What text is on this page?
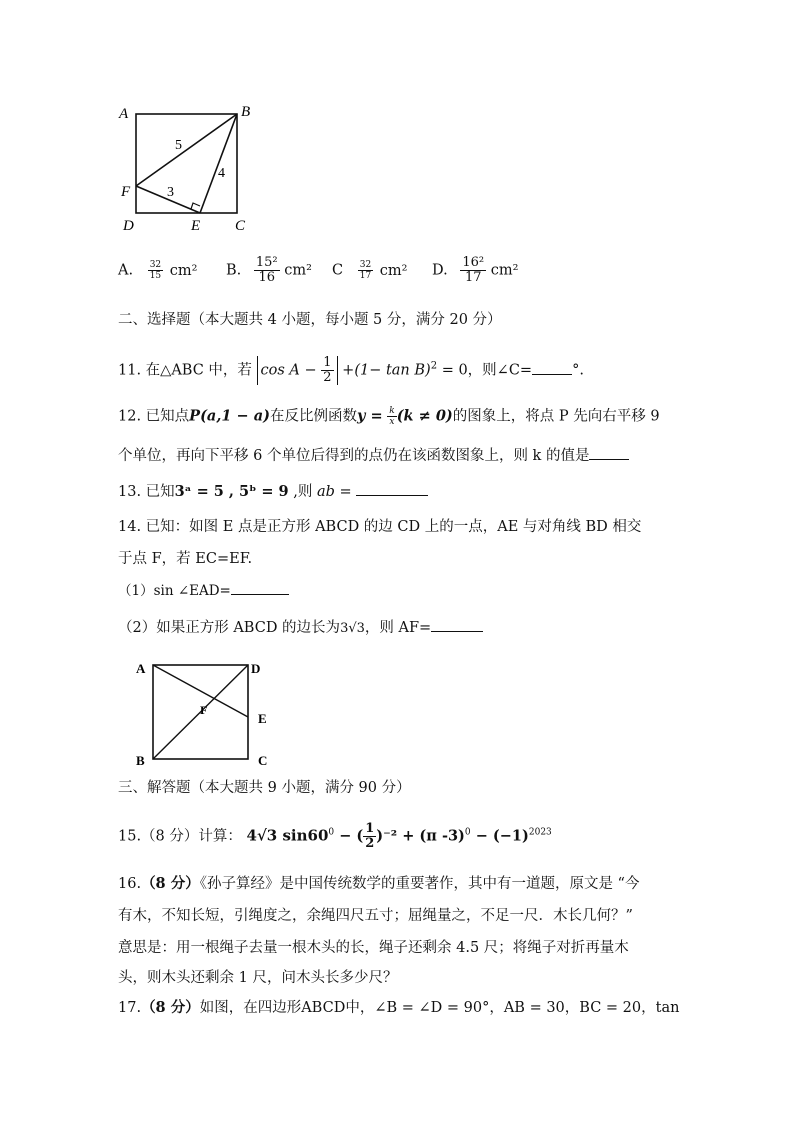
A	B
C
D	E
F
5
3
4
A. $\frac{32}{15} cm^2$ B. $\frac{\text{15²}}{16} cm^2$ C $\frac{32}{17} cm^2$ D. $\frac{\text{16²}}{17} cm^2$
二、选择题（本大题共 4 小题，每小题 5 分，满分 20 分）
11. 在△ABC 中，若 $\cos A - \frac{1}{2} +(1- \tan B)^2 = 0$，则∠C=	°.
12. 已知点P(a,1 − a)在反比例函数$y = \frac{k}{x} (k \ne 0)$的图象上，将点 P 先向右平移 9
个单位，再向下平移 6 个单位后得到的点仍在该函数图象上，则 k 的值是
13. 已知3ᵃ = 5 , 5ᵇ = 9 ,则 ab =
14. 已知：如图 E 点是正方形 ABCD 的边 CD 上的一点，AE 与对角线 BD 相交
于点 F，若 EC=EF.
（1）sin ∠EAD=
（2）如果正方形 ABCD 的边长为3√3，则 AF=
A	D
E
F
B	C
三、解答题（本大题共 9 小题，满分 90 分）
15.（8 分）计算： 4√3 $\sin 60^0$ − ( $\frac{1}{2} )^{-2} + (\pi$ $-3)^0 - (-1)^{2023}$
16.（8 分）《孙子算经》是中国传统数学的重要著作，其中有一道题，原文是 “今
有木，不知长短，引绳度之，余绳四尺五寸；屈绳量之，不足一尺．木长几何？”
意思是：用一根绳子去量一根木头的长，绳子还剩余 4.5 尺；将绳子对折再量木
头，则木头还剩余 1 尺，问木头长多少尺？
17.（8 分）如图，在四边形ABCD中，∠B = ∠D = 90°，AB = 30，BC = 20，tan
